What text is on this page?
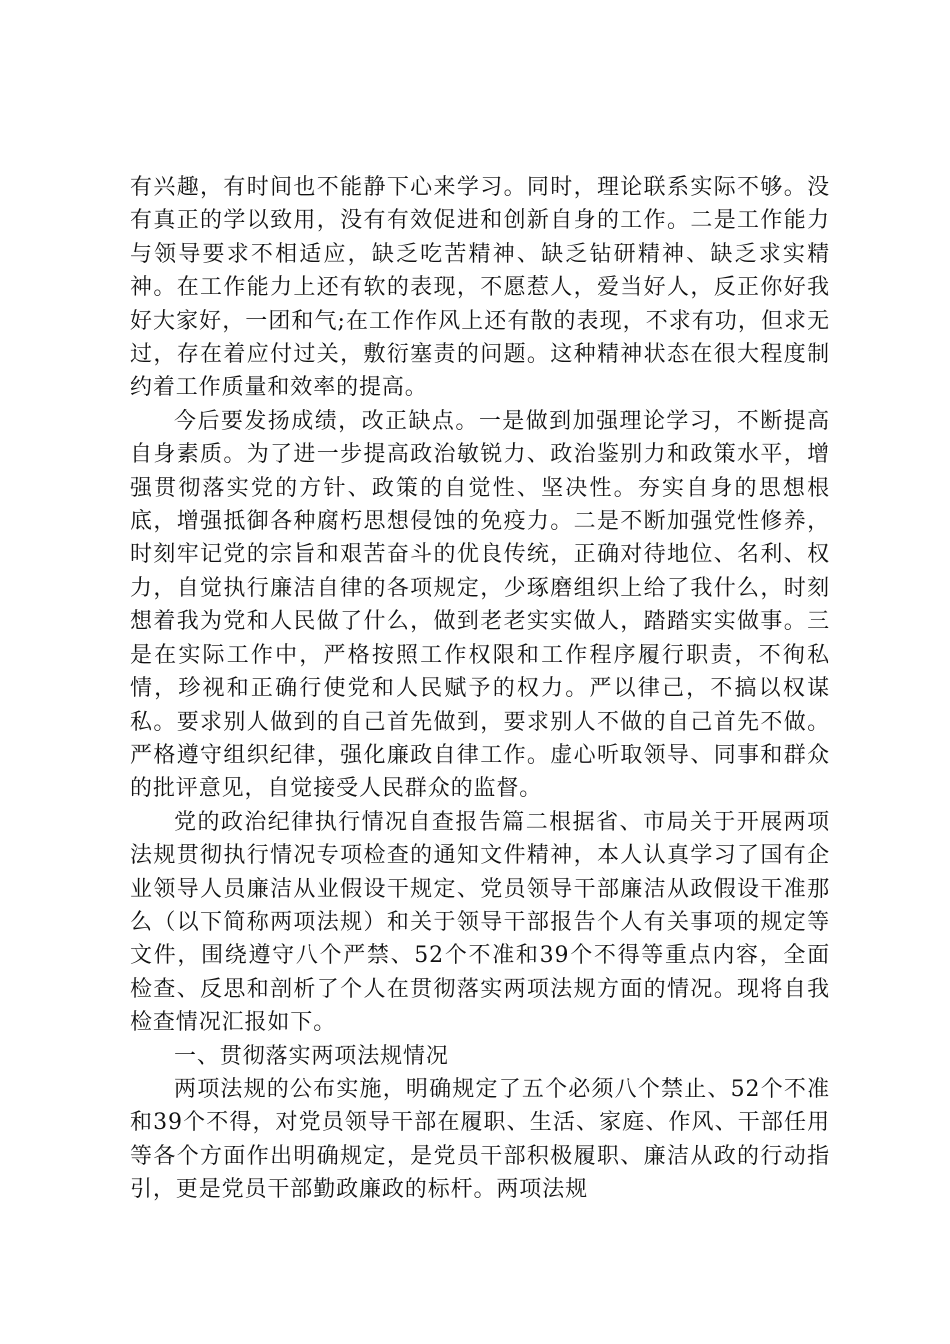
有兴趣，有时间也不能静下心来学习。同时，理论联系实际不够。没有真正的学以致用，没有有效促进和创新自身的工作。二是工作能力与领导要求不相适应，缺乏吃苦精神、缺乏钻研精神、缺乏求实精神。在工作能力上还有软的表现，不愿惹人，爱当好人，反正你好我好大家好，一团和气;在工作作风上还有散的表现，不求有功，但求无过，存在着应付过关，敷衍塞责的问题。这种精神状态在很大程度制约着工作质量和效率的提高。

今后要发扬成绩，改正缺点。一是做到加强理论学习，不断提高自身素质。为了进一步提高政治敏锐力、政治鉴别力和政策水平，增强贯彻落实党的方针、政策的自觉性、坚决性。夯实自身的思想根底，增强抵御各种腐朽思想侵蚀的免疫力。二是不断加强党性修养，时刻牢记党的宗旨和艰苦奋斗的优良传统，正确对待地位、名利、权力，自觉执行廉洁自律的各项规定，少琢磨组织上给了我什么，时刻想着我为党和人民做了什么，做到老老实实做人，踏踏实实做事。三是在实际工作中，严格按照工作权限和工作程序履行职责，不徇私情，珍视和正确行使党和人民赋予的权力。严以律己，不搞以权谋私。要求别人做到的自己首先做到，要求别人不做的自己首先不做。严格遵守组织纪律，强化廉政自律工作。虚心听取领导、同事和群众的批评意见，自觉接受人民群众的监督。

党的政治纪律执行情况自查报告篇二根据省、市局关于开展两项法规贯彻执行情况专项检查的通知文件精神，本人认真学习了国有企业领导人员廉洁从业假设干规定、党员领导干部廉洁从政假设干准那么（以下简称两项法规）和关于领导干部报告个人有关事项的规定等文件，围绕遵守八个严禁、52个不准和39个不得等重点内容，全面检查、反思和剖析了个人在贯彻落实两项法规方面的情况。现将自我检查情况汇报如下。

一、贯彻落实两项法规情况

两项法规的公布实施，明确规定了五个必须八个禁止、52个不准和39个不得，对党员领导干部在履职、生活、家庭、作风、干部任用等各个方面作出明确规定，是党员干部积极履职、廉洁从政的行动指引，更是党员干部勤政廉政的标杆。两项法规
